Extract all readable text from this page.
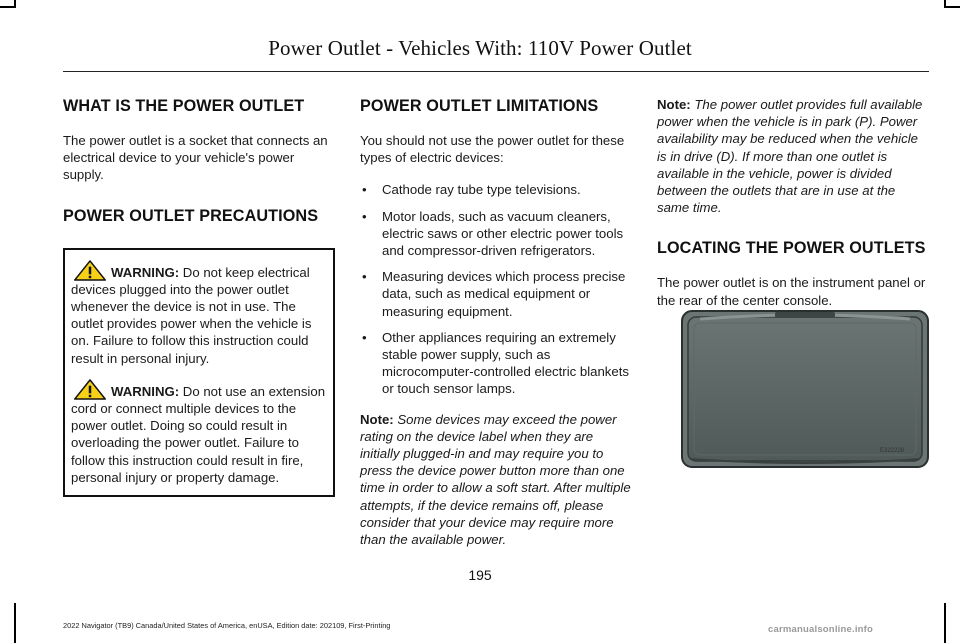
Power Outlet - Vehicles With: 110V Power Outlet
WHAT IS THE POWER OUTLET

The power outlet is a socket that connects an electrical device to your vehicle's power supply.

POWER OUTLET PRECAUTIONS

WARNING: Do not keep electrical devices plugged into the power outlet whenever the device is not in use. The outlet provides power when the vehicle is on. Failure to follow this instruction could result in personal injury.

WARNING: Do not use an extension cord or connect multiple devices to the power outlet. Doing so could result in overloading the power outlet. Failure to follow this instruction could result in fire, personal injury or property damage.

POWER OUTLET LIMITATIONS

You should not use the power outlet for these types of electric devices:

• Cathode ray tube type televisions.
• Motor loads, such as vacuum cleaners, electric saws or other electric power tools and compressor-driven refrigerators.
• Measuring devices which process precise data, such as medical equipment or measuring equipment.
• Other appliances requiring an extremely stable power supply, such as microcomputer-controlled electric blankets or touch sensor lamps.

Note: Some devices may exceed the power rating on the device label when they are initially plugged-in and may require you to press the device power button more than one time in order to allow a soft start. After multiple attempts, if the device remains off, please consider that your device may require more than the available power.

Note: The power outlet provides full available power when the vehicle is in park (P). Power availability may be reduced when the vehicle is in drive (D). If more than one outlet is available in the vehicle, power is divided between the outlets that are in use at the same time.

LOCATING THE POWER OUTLETS

The power outlet is on the instrument panel or the rear of the center console.

E322228
195
2022 Navigator (TB9) Canada/United States of America, enUSA, Edition date: 202109, First-Printing	carmanualsonline.info
